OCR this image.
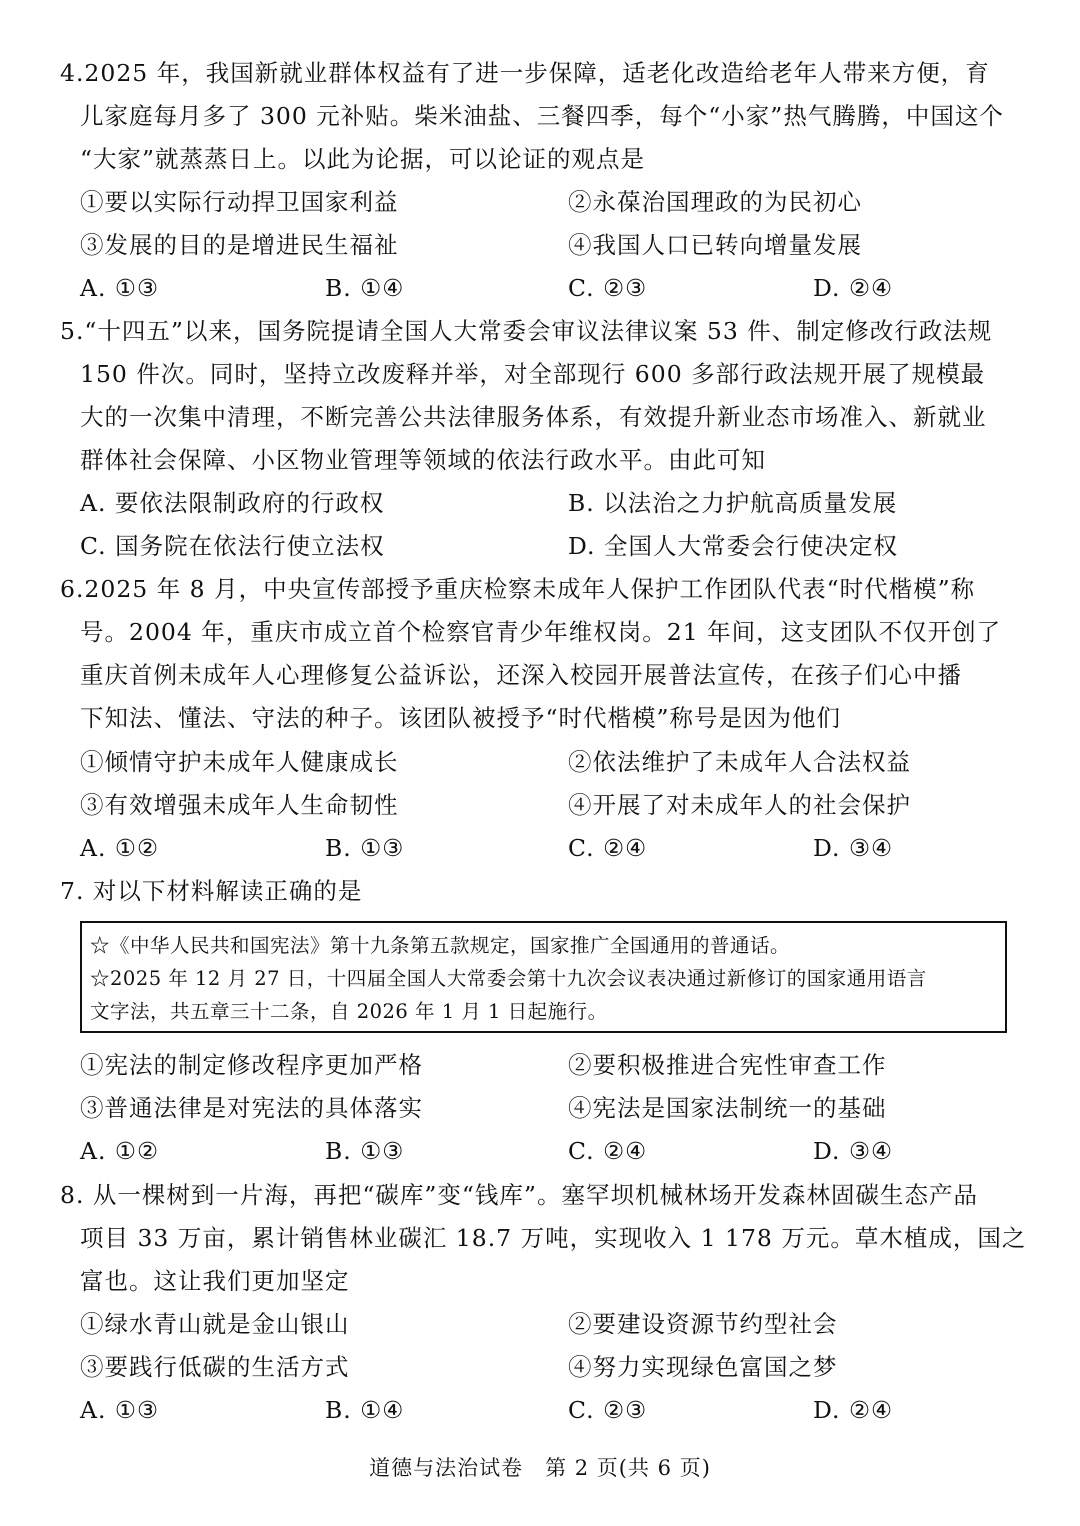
4.2025 年，我国新就业群体权益有了进一步保障，适老化改造给老年人带来方便，育
儿家庭每月多了 300 元补贴。柴米油盐、三餐四季，每个“小家”热气腾腾，中国这个
“大家”就蒸蒸日上。以此为论据，可以论证的观点是
①要以实际行动捍卫国家利益	②永葆治国理政的为民初心
③发展的目的是增进民生福祉	④我国人口已转向增量发展
A. ①③	B. ①④	C. ②③	D. ②④
5.“十四五”以来，国务院提请全国人大常委会审议法律议案 53 件、制定修改行政法规
150 件次。同时，坚持立改废释并举，对全部现行 600 多部行政法规开展了规模最
大的一次集中清理，不断完善公共法律服务体系，有效提升新业态市场准入、新就业
群体社会保障、小区物业管理等领域的依法行政水平。由此可知
A. 要依法限制政府的行政权	B. 以法治之力护航高质量发展
C. 国务院在依法行使立法权	D. 全国人大常委会行使决定权
6.2025 年 8 月，中央宣传部授予重庆检察未成年人保护工作团队代表“时代楷模”称
号。2004 年，重庆市成立首个检察官青少年维权岗。21 年间，这支团队不仅开创了
重庆首例未成年人心理修复公益诉讼，还深入校园开展普法宣传，在孩子们心中播
下知法、懂法、守法的种子。该团队被授予“时代楷模”称号是因为他们
①倾情守护未成年人健康成长	②依法维护了未成年人合法权益
③有效增强未成年人生命韧性	④开展了对未成年人的社会保护
A. ①②	B. ①③	C. ②④	D. ③④
7. 对以下材料解读正确的是
☆《中华人民共和国宪法》第十九条第五款规定，国家推广全国通用的普通话。
☆2025 年 12 月 27 日，十四届全国人大常委会第十九次会议表决通过新修订的国家通用语言
文字法，共五章三十二条，自 2026 年 1 月 1 日起施行。
①宪法的制定修改程序更加严格	②要积极推进合宪性审查工作
③普通法律是对宪法的具体落实	④宪法是国家法制统一的基础
A. ①②	B. ①③	C. ②④	D. ③④
8. 从一棵树到一片海，再把“碳库”变“钱库”。塞罕坝机械林场开发森林固碳生态产品
项目 33 万亩，累计销售林业碳汇 18.7 万吨，实现收入 1 178 万元。草木植成，国之
富也。这让我们更加坚定
①绿水青山就是金山银山	②要建设资源节约型社会
③要践行低碳的生活方式	④努力实现绿色富国之梦
A. ①③	B. ①④	C. ②③	D. ②④
道德与法治试卷　第 2 页(共 6 页)
